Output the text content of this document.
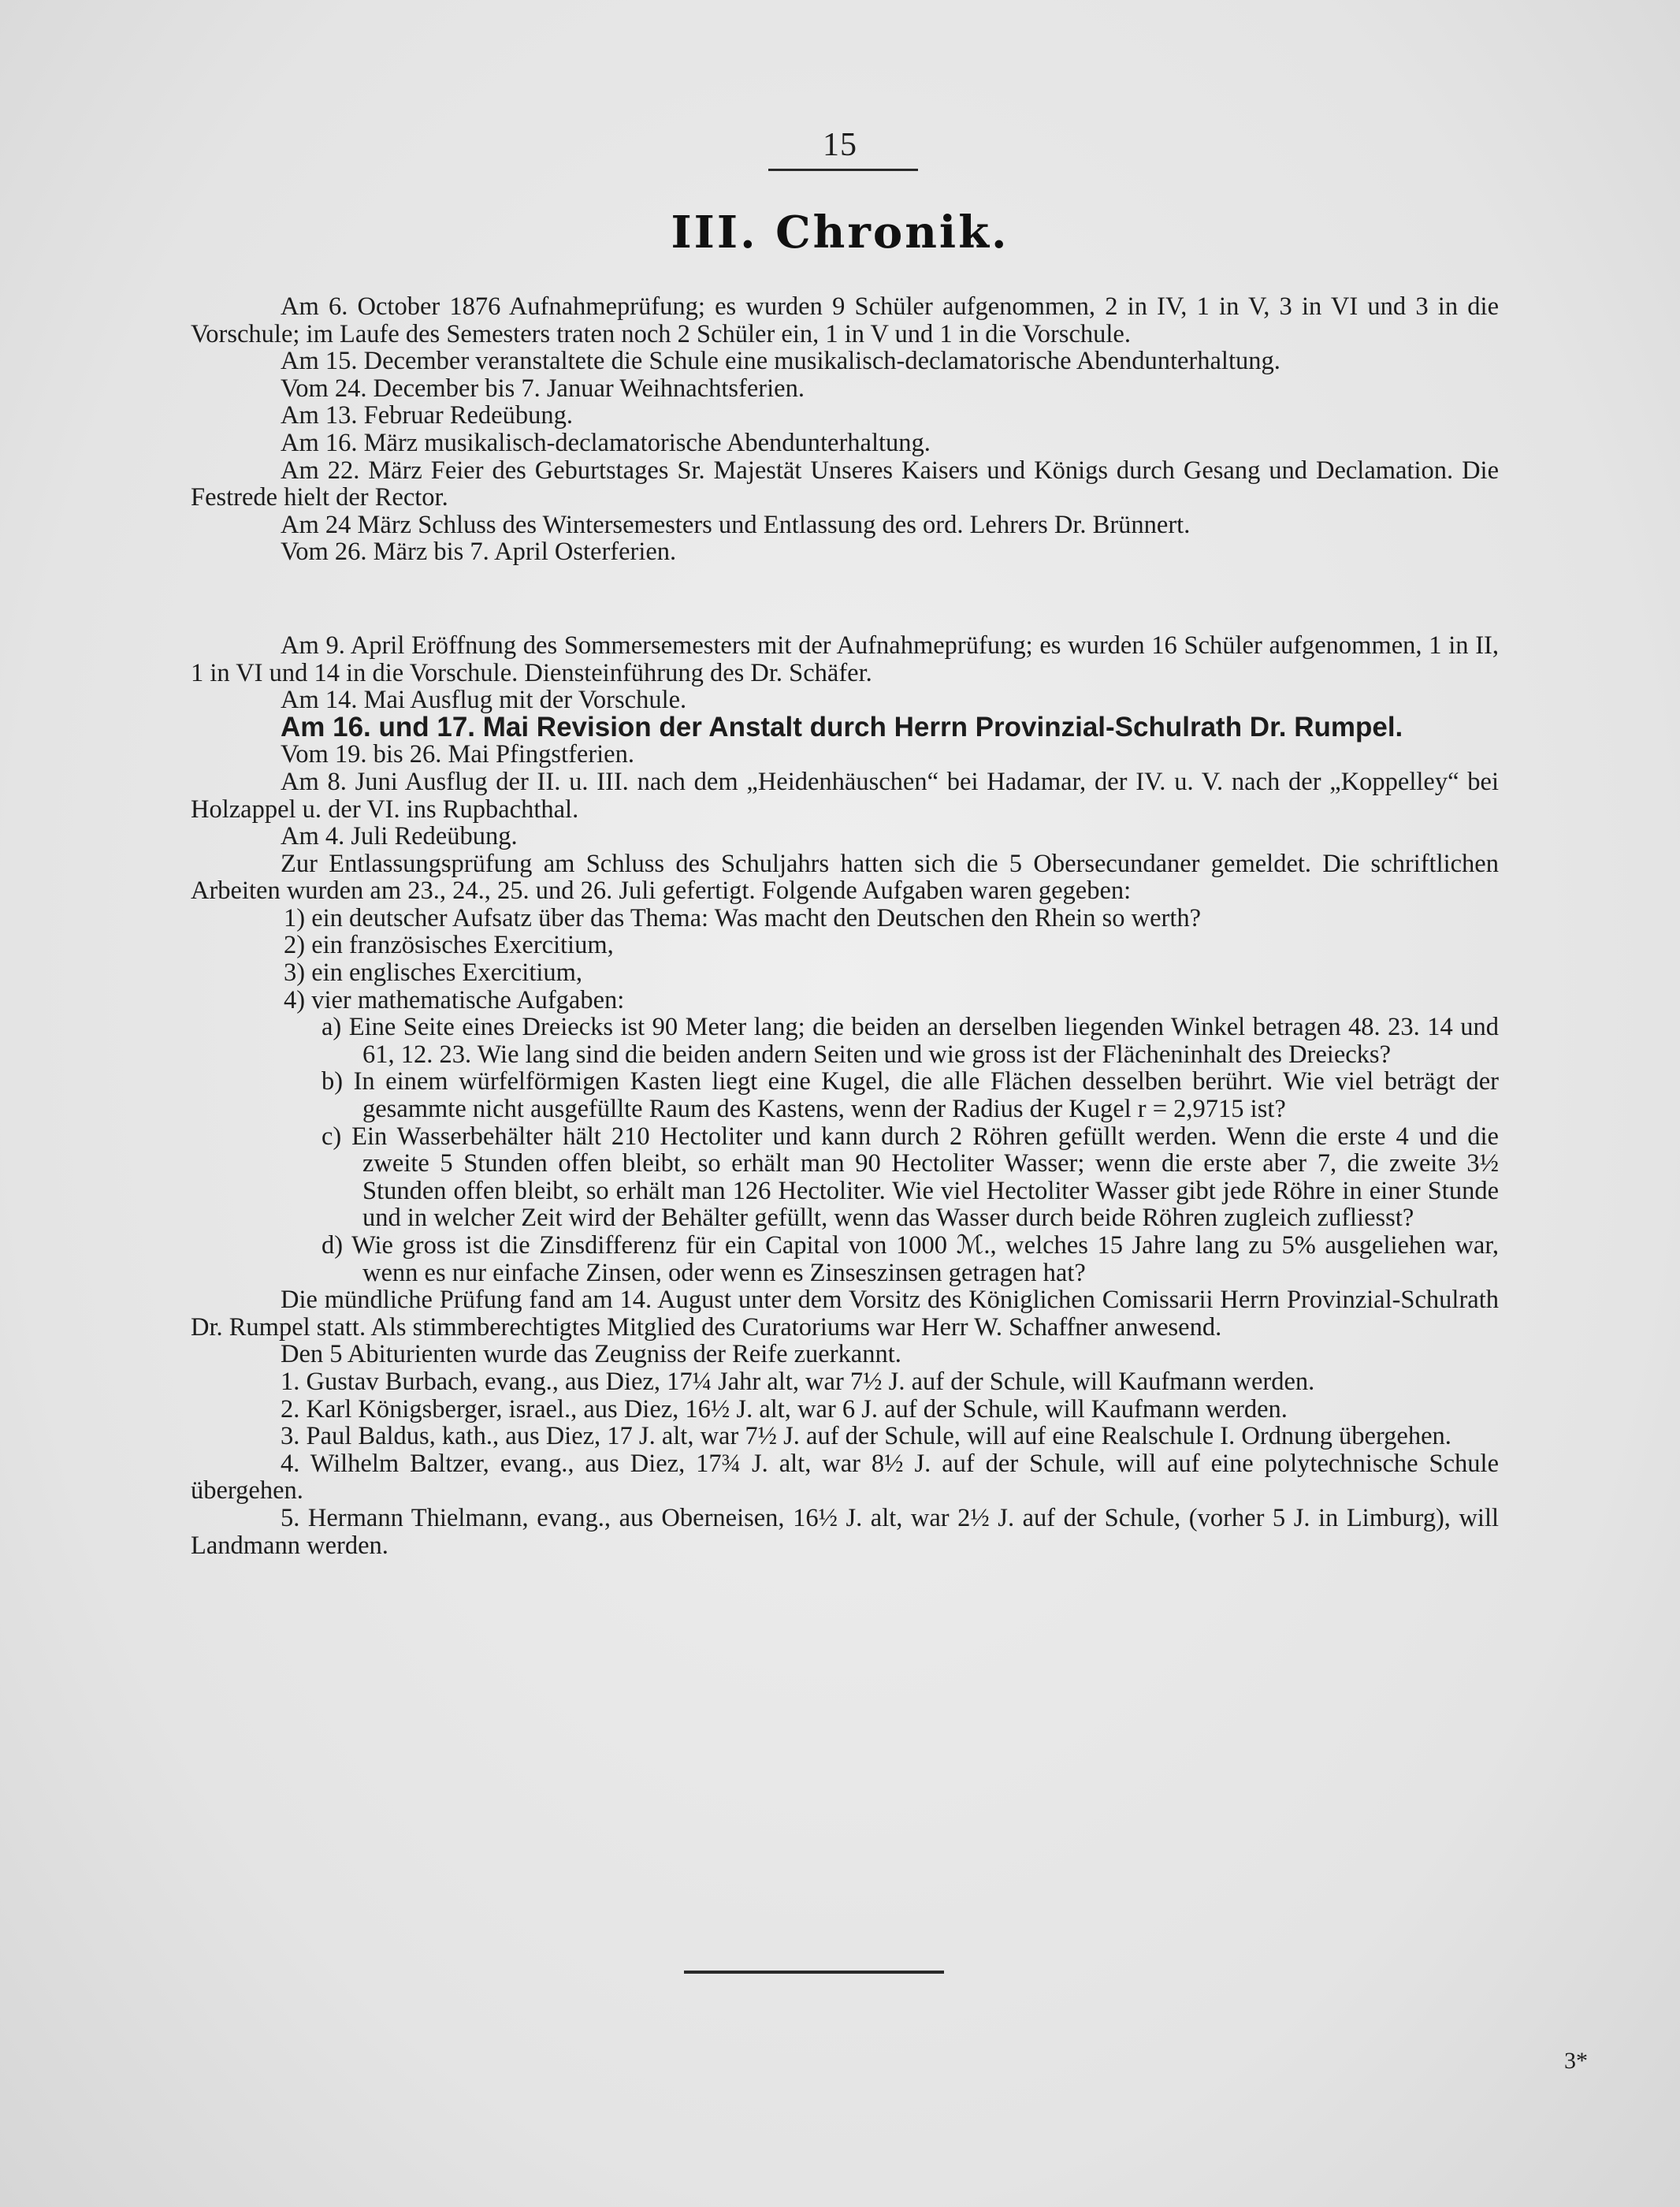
15
III. Chronik.

Am 6. October 1876 Aufnahmeprüfung; es wurden 9 Schüler aufgenommen, 2 in IV, 1 in V, 3 in VI und 3 in die Vorschule; im Laufe des Semesters traten noch 2 Schüler ein, 1 in V und 1 in die Vorschule.

Am 15. December veranstaltete die Schule eine musikalisch-declamatorische Abendunterhaltung.

Vom 24. December bis 7. Januar Weihnachtsferien.

Am 13. Februar Redeübung.

Am 16. März musikalisch-declamatorische Abendunterhaltung.

Am 22. März Feier des Geburtstages Sr. Majestät Unseres Kaisers und Königs durch Gesang und Declamation. Die Festrede hielt der Rector.

Am 24 März Schluss des Wintersemesters und Entlassung des ord. Lehrers Dr. Brünnert.

Vom 26. März bis 7. April Osterferien.

Am 9. April Eröffnung des Sommersemesters mit der Aufnahmeprüfung; es wurden 16 Schüler aufgenommen, 1 in II, 1 in VI und 14 in die Vorschule. Diensteinführung des Dr. Schäfer.

Am 14. Mai Ausflug mit der Vorschule.

Am 16. und 17. Mai Revision der Anstalt durch Herrn Provinzial-Schulrath Dr. Rumpel.

Vom 19. bis 26. Mai Pfingstferien.

Am 8. Juni Ausflug der II. u. III. nach dem „Heidenhäuschen“ bei Hadamar, der IV. u. V. nach der „Koppelley“ bei Holzappel u. der VI. ins Rupbachthal.

Am 4. Juli Redeübung.

Zur Entlassungsprüfung am Schluss des Schuljahrs hatten sich die 5 Obersecundaner gemeldet. Die schriftlichen Arbeiten wurden am 23., 24., 25. und 26. Juli gefertigt. Folgende Aufgaben waren gegeben:

1) ein deutscher Aufsatz über das Thema: Was macht den Deutschen den Rhein so werth?

2) ein französisches Exercitium,

3) ein englisches Exercitium,

4) vier mathematische Aufgaben:

a) Eine Seite eines Dreiecks ist 90 Meter lang; die beiden an derselben liegenden Winkel betragen 48. 23. 14 und 61, 12. 23. Wie lang sind die beiden andern Seiten und wie gross ist der Flächeninhalt des Dreiecks?

b) In einem würfelförmigen Kasten liegt eine Kugel, die alle Flächen desselben berührt. Wie viel beträgt der gesammte nicht ausgefüllte Raum des Kastens, wenn der Radius der Kugel r = 2,9715 ist?

c) Ein Wasserbehälter hält 210 Hectoliter und kann durch 2 Röhren gefüllt werden. Wenn die erste 4 und die zweite 5 Stunden offen bleibt, so erhält man 90 Hectoliter Wasser; wenn die erste aber 7, die zweite 3½ Stunden offen bleibt, so erhält man 126 Hectoliter. Wie viel Hectoliter Wasser gibt jede Röhre in einer Stunde und in welcher Zeit wird der Behälter gefüllt, wenn das Wasser durch beide Röhren zugleich zufliesst?

d) Wie gross ist die Zinsdifferenz für ein Capital von 1000 ℳ., welches 15 Jahre lang zu 5% ausgeliehen war, wenn es nur einfache Zinsen, oder wenn es Zinseszinsen getragen hat?

Die mündliche Prüfung fand am 14. August unter dem Vorsitz des Königlichen Comissarii Herrn Provinzial-Schulrath Dr. Rumpel statt. Als stimmberechtigtes Mitglied des Curatoriums war Herr W. Schaffner anwesend.

Den 5 Abiturienten wurde das Zeugniss der Reife zuerkannt.

1. Gustav Burbach, evang., aus Diez, 17¼ Jahr alt, war 7½ J. auf der Schule, will Kaufmann werden.

2. Karl Königsberger, israel., aus Diez, 16½ J. alt, war 6 J. auf der Schule, will Kaufmann werden.

3. Paul Baldus, kath., aus Diez, 17 J. alt, war 7½ J. auf der Schule, will auf eine Realschule I. Ordnung übergehen.

4. Wilhelm Baltzer, evang., aus Diez, 17¾ J. alt, war 8½ J. auf der Schule, will auf eine polytechnische Schule übergehen.

5. Hermann Thielmann, evang., aus Oberneisen, 16½ J. alt, war 2½ J. auf der Schule, (vorher 5 J. in Limburg), will Landmann werden.

3*
